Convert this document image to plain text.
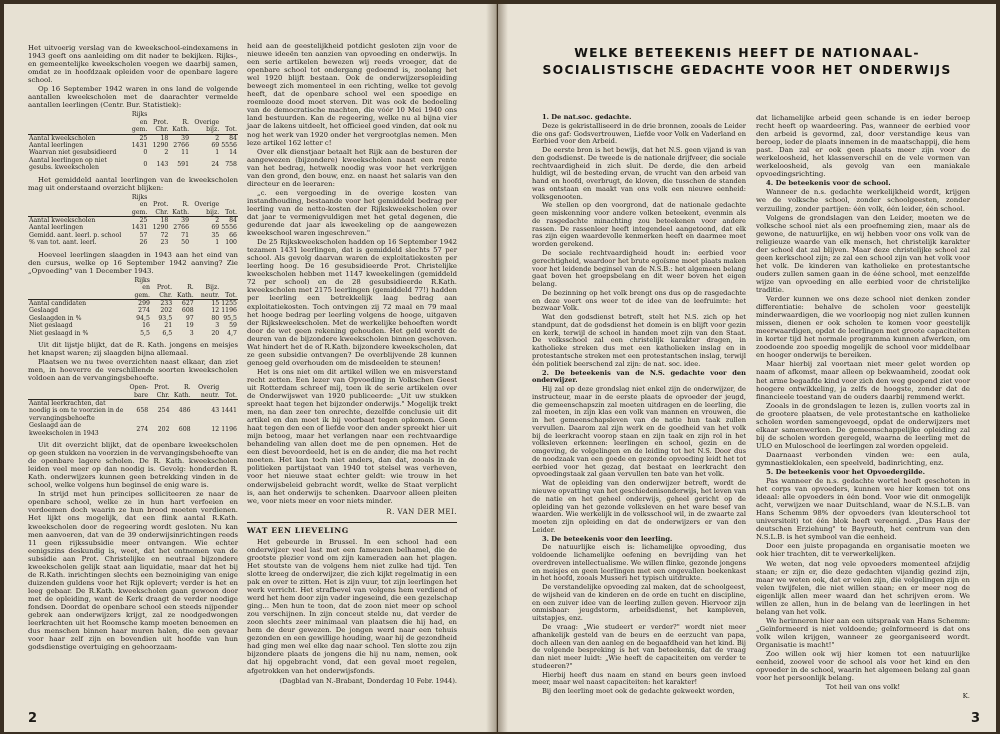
Het uitvoerig verslag van de kweekschool-eindexamens in 1943 geeft ons aanleiding om dit nader te bekijken. Rijks-, en gemeentelijke kweekscholen voegen we daarbij samen, omdat ze in hoofdzaak opleiden voor de openbare lagere school.

Op 16 September 1942 waren in ons land de volgende aantallen kweekscholen met de daarachter vermelde aantallen leerlingen (Centr. Bur. Statistiek):

	Rijks en gem.	Prot. Chr.	R. Kath.	Overige bijz.	Tot.
Aantal kweekscholen	25	18	39	2	84
Aantal leerlingen	1431	1290	2766	69	5556
Waarvan niet gesubsidieerd	0	2	11	1	14
Aantal leerlingen op niet gesubs. kweekscholen	0	143	591	24	758

Het gemiddeld aantal leerlingen van de kweekscholen mag uit onderstaand overzicht blijken:

	Rijks en gem.	Prot. Chr.	R. Kath.	Overige bijz.	Tot.
Aantal kweekscholen	25	18	39	2	84
Aantal leerlingen	1431	1290	2766	69	5556
Gemidd. aant. leerl. p. school	57	72	71	35	66
% van tot. aant. leerl.	26	23	50	1	100

Hoeveel leerlingen slaagden in 1943 aan het eind van den cursus, welke op 16 September 1942 aanving? Zie „Opvoeding" van 1 December 1943.

	Rijks en gem.	Prot. Chr.	R. Kath.	Bijz. neutr.	Tot.
Aantal candidaten	299	233	627	15	1255
Geslaagd	274	202	608	12	1196
Geslaagden in %	94,5	93,5	97	80	95,5
Niet geslaagd	16	21	19	3	59
Niet geslaagd in %	5,5	6,5	3	20	4,7

Uit dit lijstje blijkt, dat de R. Kath. jongens en meisjes het knapst waren; zij slaagden bijna allemaal.

Plaatsen we nu twee overzichten naast elkaar, dan ziet men, in hoeverre de verschillende soorten kweekscholen voldoen aan de vervangingsbehoefte.

	Open-bare	Prot. Chr.	R. Kath.	Overig neutr.	Tot.
Aantal leerkrachten, dat noodig is om te voorzien in de vervangingsbehoefte	658	254	486	43	1441
Geslaagd aan de kweekscholen in 1943	274	202	608	12	1196

Uit dit overzicht blijkt, dat de openbare kweekscholen op geen stukken na voorzien in de vervangingsbehoefte van de openbare lagere scholen. De R. Kath. kweekscholen leiden veel meer op dan noodig is. Gevolg: honderden R. Kath. onderwijzers kunnen geen betrekking vinden in de school, welke volgens hun beginsel de enig ware is.

In strijd met hun principes solliciteeren ze naar de openbare school, welke ze in hun hart verfoeien en verdoemen doch waarin ze hun brood moeten verdienen. Het lijkt ons mogelijk, dat een flink aantal R.Kath. kweekscholen door de regeering wordt gesloten. Nu kan men aanvoeren, dat van de 39 onderwijsinrichtingen reeds 11 geen rijkssubsidie meer ontvangen. Wie echter eenigszins deskundig is, weet, dat het ontnemen van de subsidie aan Prot. Christelijke en neutraal bijzondere kweekscholen gelijk staat aan liquidatie, maar dat het bij de R.Kath. inrichtingen slechts een beznoiniging van enige duizenden guldens voor het Rijk oplevert; verder is het en leeg gebaar. De R.Kath. kweekscholen gaan gewoon door met de opleiding, want de Kerk draagt de verder noodige fondsen. Doordat de openbare school een steeds nijpender gebrek aan onderwijzers krijgt, zal ze noodgedwongen leerkrachten uit het Roomsche kamp moeten benoemen en dus menschen binnen haar muren halen, die een gevaar voor haar zelf zijn en bovendien uit hoofde van hun godsdienstige overtuiging en gehoorzaam-

heid aan de geestelijkheid potdicht gesloten zijn voor de nieuwe ideeën ten aanzien van opvoeding en onderwijs. In een serie artikelen bewezen wij reeds vroeger, dat de openbare school tot ondergang gedoemd is, zoolang het wel 1920 blijft bestaan. Ook de onderwijzersopleiding beweegt zich momenteel in een richting, welke tot gevolg heeft, dat de openbare school wel een spoedige en roemlooze dood moet sterven. Dit was ook de bedoeling van de democratische machten, die vóór 10 Mei 1940 ons land bestuurden. Kan de regeering, welke nu al bijna vier jaar de lakens uitdeelt, het officieel goed vinden, dat ook nu nog het werk van 1920 onder het vergrootglas nemen. Men leze artikel 162 letter c!

Over elk dienstjaar betaalt het Rijk aan de besturen der aangewezen (bijzondere) kweekscholen naast een rente van het bedrag, hetwelk noodig was voor het verkrijgen van den grond, den bouw, enz. en naast het salaris van den directeur en de leeraren:

„c. een vergoeding in de overige kosten van instandhouding, bestaande voor het gemiddeld bedrag per leerling van de netto-kosten der Rijkskweekscholen over dat jaar te vermenigvuldigen met het getal degenen, die gedurende dat jaar als kweekeling op de aangewezen kweekschool waren ingeschreven."

De 25 Rijkskweekscholen hadden op 16 September 1942 tezamen 1431 leerlingen, dat is gemiddeld slechts 57 per school. Als gevolg daarvan waren de exploitatiekosten per leerling hoog. De 16 gesubsidieerde Prot. Christelijke kweekscholen hebben met 1147 kweekelingen (gemiddeld 72 per school) en de 28 gesubsidieerde R.Kath. kweekscholen met 2175 leerlingen (gemiddeld 77!) hadden per leerling een betrekkelijk laag bedrag aan exploitatiekosten. Toch ontvingen zij 72 maal en 79 maal het hooge bedrag per leerling volgens de hooge, uitgaven der Rijkskweekscholen. Met de werkelijke behoeften wordt door de wet geen rekening gehouden. Het geld wordt de deuren van de bijzondere kweekscholen binnen geschoven. Wat hindert het de of R.Kath. bijzondere kweekscholen, dat ze geen subsidie ontvangen? De overblijvende 28 kunnen genoeg geld overhouden om de misdeelden te steunen!

Het is ons niet om dit artikel willen we en misverstand recht zetten. Een lezer van Opvoeding in Volkschen Geest uit Rotterdam schreef mij, toen ik de serie artikelen over de Onderwijswet van 1920 publiceerde: „Uit uw stukken spreekt haat tegen het bijzonder onderwijs." Mogelijk trekt men, na dan zeer ten onrechte, dezelfde conclusie uit dit artikel en dan moet ik bij voorbaat tegen opkomen. Geen haat tegen den een of liefde voor den ander spreekt hier uit mijn betoog, maar het verlangen naar een rechtvaardige behandeling van allen doet me de pen opnemen. Het de een diest bevoordeeld, het is en de ander, die ma het recht moeten. Het kan toch niet anders, dan dat, zooals in de politieken partijstaat van 1940 tot stelsel was verheven, voor het nieuwe staat echter geldt: wie trouw in het onderwijsbeleid gebracht wordt, welke de Staat verplicht is, aan het onderwijs te schenken. Daarvoor alleen pleiten we, voor niets meer en voor niets minder.

R. VAN DER MEI.
WAT EEN LIEVELING

Het gebeurde in Brussel. In een school had een onderwijzer veel last met een fameuzen belhamel, die de grootste plezier vond om zijn kameraden aan het plagen. Het stoutste van de volgens hem niet zulke had tijd. Ten slotte kreeg de onderwijzer, die zich kijkt regelmatig in een pak en over te zitten. Het is zijn vuur, tot zijn leerlingen het werk verricht. Het strafbevel van volgens hem verdiend of werd het hem door zijn vader ingeseind, die een gezelschap ging... Men hun te toon, dat de zoon niet meer op school zou verschijnen. In zijn conceut stelde nu, dat verder de zoon slechts zeer minimaal van plaatsen die hij had, en hem de deur gewezen. De jongen werd naar een tehuis gezonden en een gewillige houding, waar hij de gezondheid had ging men wel elke dag naar school. Ten slotte zou zijn bijzondere plaats de jongens die hij nu nam, nemen, ook dat hij opgebracht vond, dat een geval moet regelen, afgetrokken van het onderwijsfonds.

(Dagblad van N.-Brabant, Donderdag 10 Febr. 1944).
2
WELKE BETEEKENIS HEEFT DE NATIONAAL-SOCIALISTISCHE GEDACHTE VOOR HET ONDERWIJS

1. De nat.soc. gedachte.

Deze is gekristalliseerd in de drie bronnen, zooals de Leider die ons gaf: Godsvertrouwen, Liefde voor Volk en Vaderland en Eerbied voor den Arbeid.

De eerste bron is het bewijs, dat het N.S. geen vijand is van den godsdienst. De tweede is de nationale drijfveer, die sociale rechtvaardigheid in zich sluit. De derde, die den arbeid huldigt, wil de besteding ervan, de vrucht van den arbeid van hand en hoofd, overbrugt, de kloven, die tusschen de standen was ontstaan en maakt van ons volk een nieuwe eenheid: volksgenooten.

We stellen op den voorgrond, dat de nationale gedachte geen miskenning voor andere volken beteekent, evenmin als de rasgedachte minachting zou beteekenen voor andere rassen. De rassenleer heeft integendeel aangetoond, dat elk ras zijn eigen waardevolle kenmerken heeft en daarmee moet worden gerekend.

De sociale rechtvaardigheid houdt in: eerbied voor gerechtigheid, waardoor het brute egoïsme moet plaats maken voor het leidende beginsel van de N.S.B.: het algemeen belang gaat boven het groepsbelang en dit weer boven het eigen belang.

De bezinning op het volk brengt ons dus op de rasgedachte en deze voert ons weer tot de idee van de leefruimte: het bezwaar Volk.

Wat den godsdienst betreft, stelt het N.S. zich op het standpunt, dat de godsdienst het domein is en blijft voor gezin en kerk, terwijl de school in handen moet zijn van den Staat. De volksschool zal een christelijk karakter dragen, in katholieke streken dus met een katholieken inslag en in protestantsche streken met een protestantschen inslag, terwijl één politiek beerschend zal zijn: de nat. soc. idee.

2. De beteekenis van de N.S. gedachte voor den onderwijzer.

Hij zal op deze grondslag niet enkel zijn de onderwijzer, de instructeur, maar in de eerste plaats de opvoeder der jeugd, die gemeenschapszin zal moeten uitdragen en de leerling, die zal moeten, in zijn klas een volk van mannen en vrouwen, die in het gemeenschapsleven van de natie hun taak zullen vervullen. Daarom zal zijn werk en de goedheid van het volk bij de leerkracht voorop staan en zijn taak en zijn rol in het volksleven erkennen: leerlingen en school, gezin en de omgeving, de volgelingen en de leiding tot het N.S. Door dus de noodzaak van een goede en gezonde opvoeding leidt het tot eerbied voor het gezag, dat bestaat en leerkracht den opvoedingstaak zal gaan vervullen ten bate van het volk.

Wat de opleiding van den onderwijzer betreft, wordt de nieuwe opvatting van het geschiedenisonderwijs, het leven van de natie en het geheel onderwijs, geheel gericht op de opleiding van het gezonde volksleven en het ware besef van waarden. Wie werkelijk in de volksschool wil, in de zwaarte zal moeten zijn opleiding en dat de onderwijzers er van den Leider.

3. De beteekenis voor den leerling.

De natuurlijke eisch is: lichamelijke opvoeding, dus voldoende lichamelijke oefening en bevrijding van het overdreven intellectualisme. We willen flinke, gezonde jongens en meisjes en geen leerlingen met een ongevallen boekenkast in het hoofd, zooals Musseri het typisch uitdrukte.

De verstandelijke opvoeding zal maken, dat de schoolgeest, de wijsheid van de kinderen en de orde en tucht en discipline, en een zuiver idee van de leerling zullen geven. Hiervoor zijn onmisbaar: jeugdstorm, arbeidsdienst, het kampleven, uitstapjes, enz.

De vraag: „Wie studeert er verder?" wordt niet meer afhankelijk gesteld van de beurs en de eerzucht van papa, doch alleen van den aanleg en de begaafdheid van het kind. Bij de volgende bespreking is het van beteekenis, dat de vraag dan niet meer luidt: „Wie heeft de capaciteiten om verder te studeeren?"

Hierbij heeft dus naam en stand en beurs geen invloed meer, maar wel naast capaciteiten: het karakter!

Bij den leerling moet ook de gedachte gekweekt worden,

dat lichamelijke arbeid geen schande is en ieder beroep recht heeft op waardeering. Pas, wanneer de eerbied voor den arbeid is gevormd, zal, door verstandige keus van beroep, ieder de plaats innemen in de maatschappij, die hem past. Dan zal er ook geen plaats meer zijn voor de werkeloosheid, het klassenverschil en de vele vormen van werkeloosheid, als gevolg van een maniakale opvoedingsrichting.

4. De beteekenis voor de school.

Wanneer de n.s. gedachte werkelijkheid wordt, krijgen we de volksche school, zonder schoolgeesten, zonder verzuiling, zonder partijen: één volk, één leider, één school.

Volgens de grondslagen van den Leider, moeten we de volksche school niet als een proefneming zien, maar als de gewone, de natuurlijke, en wij hebben voor ons volk van de religieuze waarde van elk mensch, het christelijk karakter der school dat zal blijven. Maar deze christelijke school zal geen kerkschool zijn; ze zal een school zijn van het volk voor het volk. De kinderen van katholieke en protestantsche ouders zullen samen gaan in de ééne school, met eenzelfde wijze van opvoeding en alle eerbied voor de christelijke traditie.

Verder kunnen we ons deze school niet denken zonder differentiatie: behalve de scholen voor geestelijk minderwaardigen, die we voorloopig nog niet zullen kunnen missen, dienen er ook scholen te komen voor geestelijk meerwaardigen, opdat de leerlingen met groote capaciteiten in korter tijd het normale programma kunnen afwerken, om zoodoende zoo spoedig mogelijk de school voor middelbaar en hooger onderwijs te bereiken.

Maar hierbij zal voortaan niet meer gelet worden op naam of afkomst, maar alleen op bekwaamheid, zoodat ook het arme begaafde kind voor zich den weg geopend ziet voor hoogere ontwikkeling, ja zelfs de hoogste, zonder dat de financieele toestand van de ouders daarbij remmend werkt.

Zooals in de grondslagen te lezen is, zullen voorts zal in de grootere plaatsen, de vele protestantsche en katholieke scholen worden samengevoegd, opdat de onderwijzers met elkaar samenwerken. De gemeenschappelijke opleiding zal bij de scholen worden geregeld, waarna de leerling met de ULO en Muloschool de leerlingen zal worden opgeleid.

Daarnaast verbonden vinden we: een aula, gymnastieklokalen, een speelveld, badinrichting, enz.

5. De beteekenis voor het Opvoedergilde.

Pas wanneer de n.s. gedachte wortel heeft geschoten in het corps van opvoeders, kunnen we hier komen tot ons ideaal: alle opvoeders in één bond. Voor wie dit onmogelijk acht, verwijzen we naar Duitschland, waar de N.S.L.B. van Hans Schemm 98% der opvoeders (van kleuterschool tot universiteit) tot één blok heeft vereenigd. „Das Haus der deutschen Erziehung" te Bayreuth, het centrum van den N.S.L.B. is het symbool van die eenheid.

Door een juiste propaganda en organisatie moeten we ook hier trachten, dit te verwerkelijken.

We weten, dat nog vele opvoeders momenteel afzijdig staan; er zijn er, die deze gedachten vijandig gezind zijn, maar we weten ook, dat er velen zijn, die volgelingen zijn en velen twijfelen, die niet willen staan; en er meer nog de eigenlijk allen meer waard dan het schrijven erom. We willen ze allen, hun in de belang van de leerlingen in het belang van het volk.

We herinneren hier aan een uitspraak van Hans Schemm: „Geïnformeerd is niet voldoende; geïnformeerd is dat ons volk wilen krijgen, wanneer ze georganiseerd wordt. Organisatie is macht!"

Zoo willen ook wij hier komen tot een natuurlijke eenheid, zoowel voor de school als voor het kind en den opvoeder in de school, waarin het algemeen belang zal gaan voor het persoonlijk belang.

Tot heil van ons volk!

K.
3
